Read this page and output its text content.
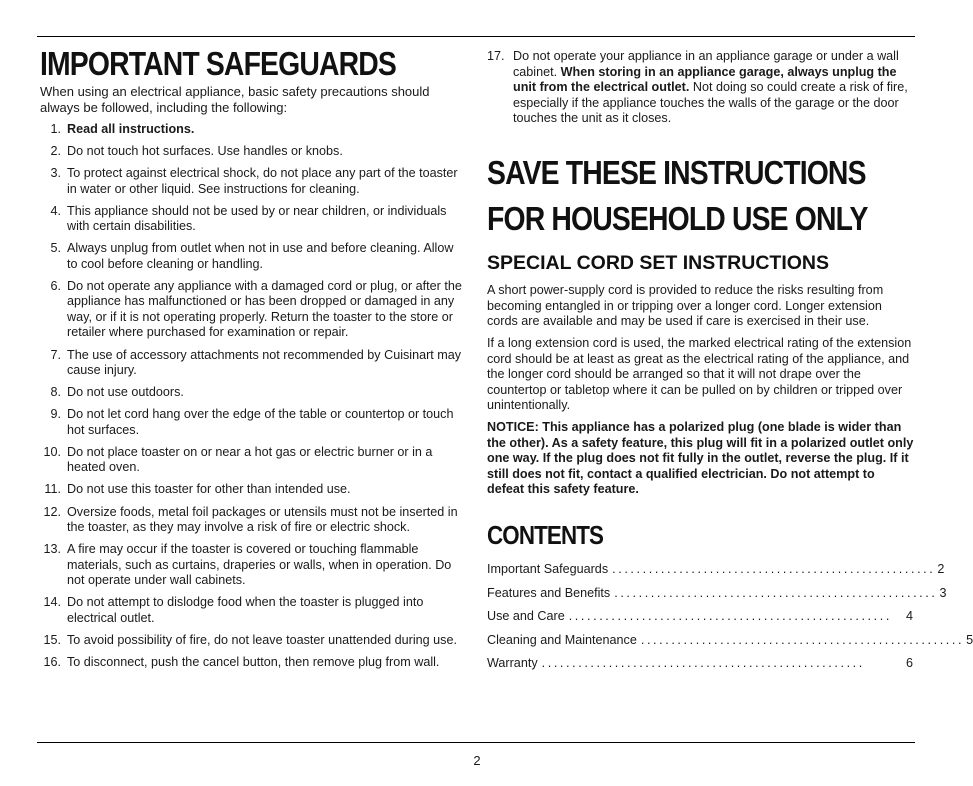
IMPORTANT SAFEGUARDS
When using an electrical appliance, basic safety precautions should always be followed, including the following:
1. Read all instructions.
2. Do not touch hot surfaces. Use handles or knobs.
3. To protect against electrical shock, do not place any part of the toaster in water or other liquid. See instructions for cleaning.
4. This appliance should not be used by or near children, or individuals with certain disabilities.
5. Always unplug from outlet when not in use and before cleaning. Allow to cool before cleaning or handling.
6. Do not operate any appliance with a damaged cord or plug, or after the appliance has malfunctioned or has been dropped or damaged in any way, or if it is not operating properly. Return the toaster to the store or retailer where purchased for examination or repair.
7. The use of accessory attachments not recommended by Cuisinart may cause injury.
8. Do not use outdoors.
9. Do not let cord hang over the edge of the table or countertop or touch hot surfaces.
10. Do not place toaster on or near a hot gas or electric burner or in a heated oven.
11. Do not use this toaster for other than intended use.
12. Oversize foods, metal foil packages or utensils must not be inserted in the toaster, as they may involve a risk of fire or electric shock.
13. A fire may occur if the toaster is covered or touching flammable materials, such as curtains, draperies or walls, when in operation. Do not operate under wall cabinets.
14. Do not attempt to dislodge food when the toaster is plugged into electrical outlet.
15. To avoid possibility of fire, do not leave toaster unattended during use.
16. To disconnect, push the cancel button, then remove plug from wall.
17. Do not operate your appliance in an appliance garage or under a wall cabinet. When storing in an appliance garage, always unplug the unit from the electrical outlet. Not doing so could create a risk of fire, especially if the appliance touches the walls of the garage or the door touches the unit as it closes.
SAVE THESE INSTRUCTIONS
FOR HOUSEHOLD USE ONLY
SPECIAL CORD SET INSTRUCTIONS

A short power-supply cord is provided to reduce the risks resulting from becoming entangled in or tripping over a longer cord. Longer extension cords are available and may be used if care is exercised in their use.

If a long extension cord is used, the marked electrical rating of the extension cord should be at least as great as the electrical rating of the appliance, and the longer cord should be arranged so that it will not drape over the countertop or tabletop where it can be pulled on by children or tripped over unintentionally.

NOTICE: This appliance has a polarized plug (one blade is wider than the other). As a safety feature, this plug will fit in a polarized outlet only one way. If the plug does not fit fully in the outlet, reverse the plug. If it still does not fit, contact a qualified electrician. Do not attempt to defeat this safety feature.

CONTENTS
Important Safeguards ..................................................... 2
Features and Benefits ..................................................... 3
Use and Care .....................................................	4
Cleaning and Maintenance ..................................................... 5
Warranty .....................................................	6
2
